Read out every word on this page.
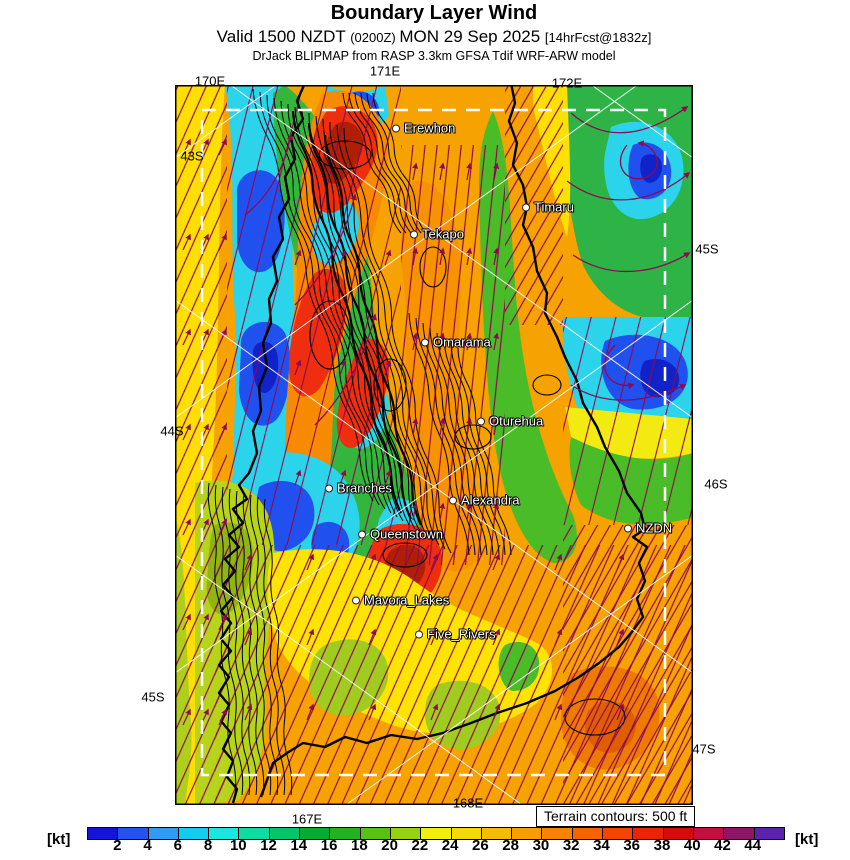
Boundary Layer Wind
Valid 1500 NZDT (0200Z) MON 29 Sep 2025 [14hrFcst@1832z]
DrJack BLIPMAP from RASP 3.3km GFSA Tdif WRF-ARW model
171E
170E	172E
43S
44S
45S
45S
46S
47S
167E
168E
Erewhon
Timaru
Tekapo
Omarama
Oturehua
Branches
Alexandra
Queenstown	NZDN
Mavora_Lakes
Five_Rivers
Terrain contours: 500 ft
[kt]	2 4 6 8 10 12 14 16 18 20 22 24 26 28 30 32 34 36 38 40 42 44 [kt]
